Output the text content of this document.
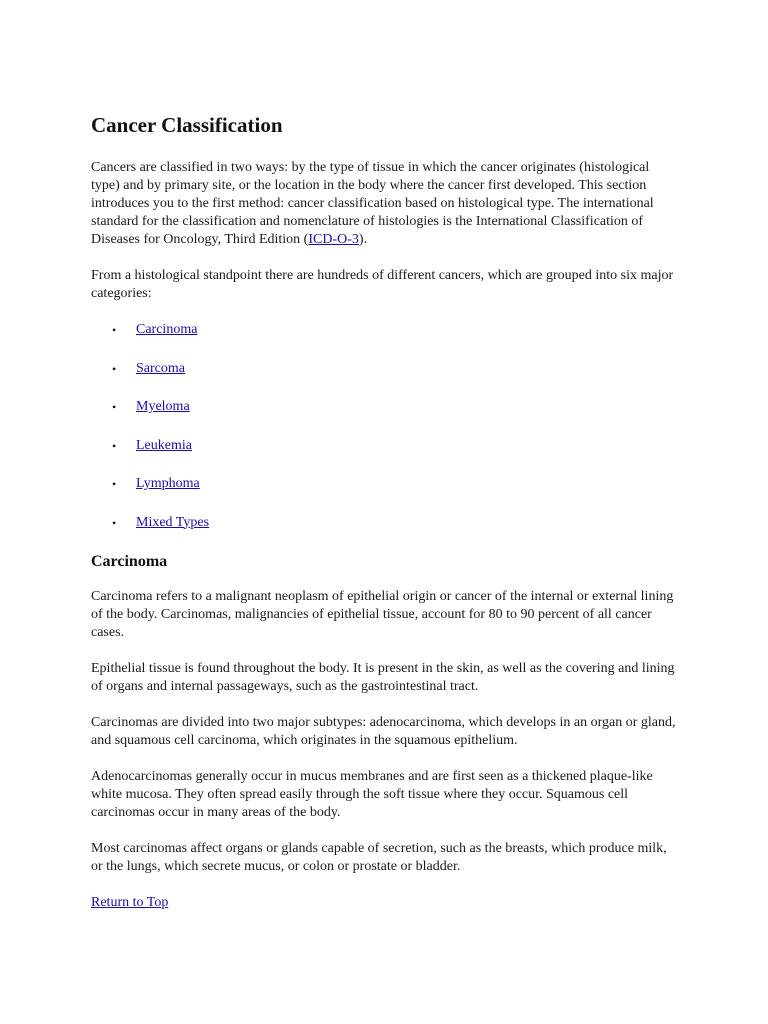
Cancer Classification

Cancers are classified in two ways: by the type of tissue in which the cancer originates (histological type) and by primary site, or the location in the body where the cancer first developed. This section introduces you to the first method: cancer classification based on histological type. The international standard for the classification and nomenclature of histologies is the International Classification of Diseases for Oncology, Third Edition (ICD-O-3).

From a histological standpoint there are hundreds of different cancers, which are grouped into six major categories:

• Carcinoma
• Sarcoma
• Myeloma
• Leukemia
• Lymphoma
• Mixed Types
Carcinoma

Carcinoma refers to a malignant neoplasm of epithelial origin or cancer of the internal or external lining of the body. Carcinomas, malignancies of epithelial tissue, account for 80 to 90 percent of all cancer cases.

Epithelial tissue is found throughout the body. It is present in the skin, as well as the covering and lining of organs and internal passageways, such as the gastrointestinal tract.

Carcinomas are divided into two major subtypes: adenocarcinoma, which develops in an organ or gland, and squamous cell carcinoma, which originates in the squamous epithelium.

Adenocarcinomas generally occur in mucus membranes and are first seen as a thickened plaque-like white mucosa. They often spread easily through the soft tissue where they occur. Squamous cell carcinomas occur in many areas of the body.

Most carcinomas affect organs or glands capable of secretion, such as the breasts, which produce milk, or the lungs, which secrete mucus, or colon or prostate or bladder.

Return to Top
